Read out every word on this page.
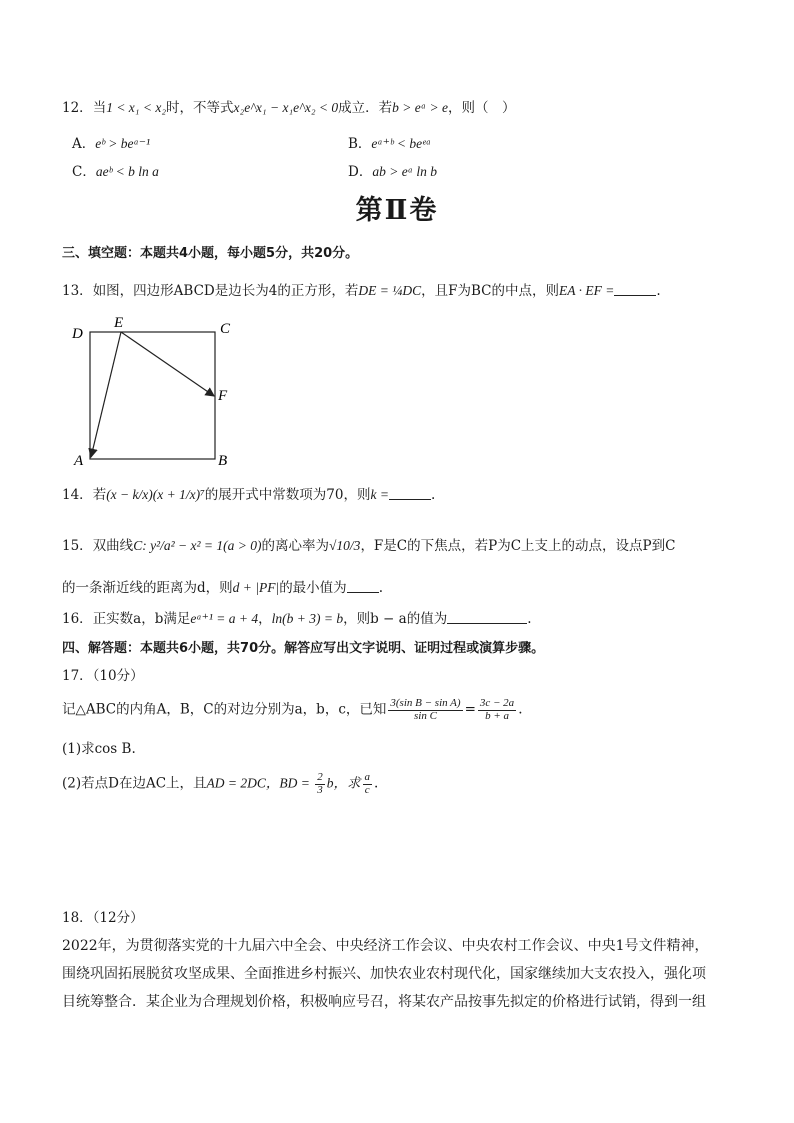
12．当1 < x₁ < x₂时，不等式x₂e^x₁ − x₁e^x₂ < 0成立．若b > eᵃ > e，则（　）
A．eᵇ > beᵃ⁻¹	B．eᵃ⁺ᵇ < beᵉᵃ
C．aeᵇ < b ln a	D．ab > eᵃ ln b
第Ⅱ卷
三、填空题：本题共4小题，每小题5分，共20分。
13．如图，四边形ABCD是边长为4的正方形，若DE = ¼DC，且F为BC的中点，则EA · EF =	.
D
E	C
F
A	B
14．若(x − k/x)(x + 1/x)⁷的展开式中常数项为70，则k =	.
15．双曲线C: y²/a² − x² = 1(a > 0)的离心率为√10/3，F是C的下焦点，若P为C上支上的动点，设点P到C
的一条渐近线的距离为d，则d + |PF|的最小值为 .
16．正实数a，b满足eᵃ⁺¹ = a + 4，ln(b + 3) = b，则b − a的值为	.
四、解答题：本题共6小题，共70分。解答应写出文字说明、证明过程或演算步骤。
17．（10分）
记△ABC的内角A，B，C的对边分别为a，b，c，已知 $\frac{\text{3(sin B − sin A)}}{\text{sin C}} = \frac{3c - 2a}{b + a}$ .
(1)求cos B.
(2)若点D在边AC上，且AD = 2DC，BD = $\frac{2}{3}$ b，求 $\frac{a}{c}$ .
18．（12分）
2022年，为贯彻落实党的十九届六中全会、中央经济工作会议、中央农村工作会议、中央1号文件精神，
围绕巩固拓展脱贫攻坚成果、全面推进乡村振兴、加快农业农村现代化，国家继续加大支农投入，强化项
目统筹整合．某企业为合理规划价格，积极响应号召，将某农产品按事先拟定的价格进行试销，得到一组
